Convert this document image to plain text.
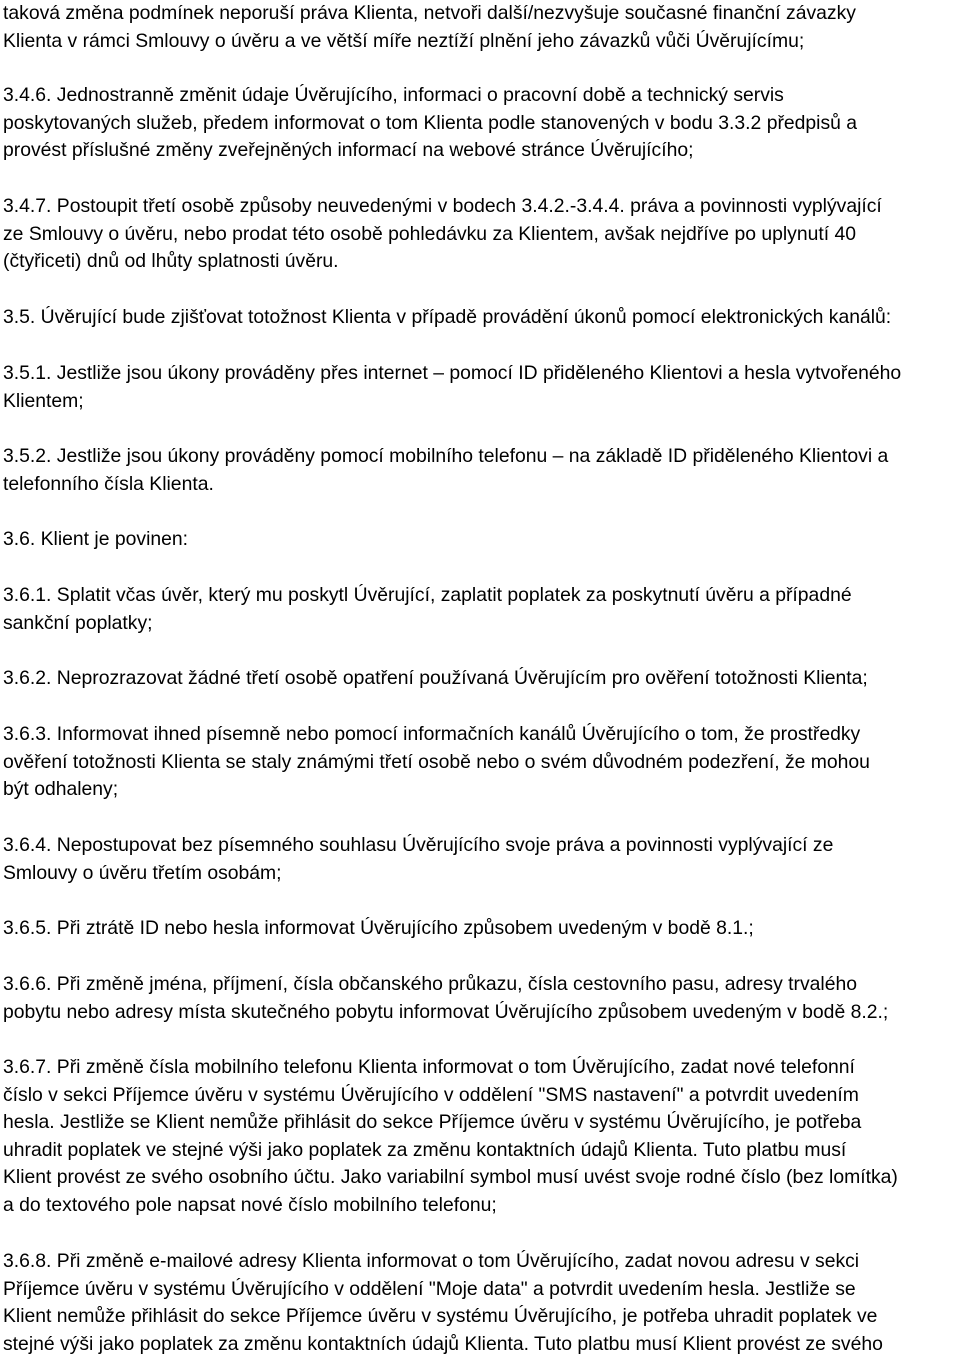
taková změna podmínek neporuší práva Klienta, netvoři další/nezvyšuje současné finanční závazky
Klienta v rámci Smlouvy o úvěru a ve větší míře neztíží plnění jeho závazků vůči Úvěrujícímu;

3.4.6. Jednostranně změnit údaje Úvěrujícího, informaci o pracovní době a technický servis
poskytovaných služeb, předem informovat o tom Klienta podle stanovených v bodu 3.3.2 předpisů a
provést příslušné změny zveřejněných informací na webové stránce Úvěrujícího;

3.4.7. Postoupit třetí osobě způsoby neuvedenými v bodech 3.4.2.-3.4.4. práva a povinnosti vyplývající
ze Smlouvy o úvěru, nebo prodat této osobě pohledávku za Klientem, avšak nejdříve po uplynutí 40
(čtyřiceti) dnů od lhůty splatnosti úvěru.

3.5. Úvěrující bude zjišťovat totožnost Klienta v případě provádění úkonů pomocí elektronických kanálů:

3.5.1. Jestliže jsou úkony prováděny přes internet – pomocí ID přiděleného Klientovi a hesla vytvořeného
Klientem;

3.5.2. Jestliže jsou úkony prováděny pomocí mobilního telefonu – na základě ID přiděleného Klientovi a
telefonního čísla Klienta.

3.6. Klient je povinen:

3.6.1. Splatit včas úvěr, který mu poskytl Úvěrující, zaplatit poplatek za poskytnutí úvěru a případné
sankční poplatky;

3.6.2. Neprozrazovat žádné třetí osobě opatření používaná Úvěrujícím pro ověření totožnosti Klienta;

3.6.3. Informovat ihned písemně nebo pomocí informačních kanálů Úvěrujícího o tom, že prostředky
ověření totožnosti Klienta se staly známými třetí osobě nebo o svém důvodném podezření, že mohou
být odhaleny;

3.6.4. Nepostupovat bez písemného souhlasu Úvěrujícího svoje práva a povinnosti vyplývající ze
Smlouvy o úvěru třetím osobám;

3.6.5. Při ztrátě ID nebo hesla informovat Úvěrujícího způsobem uvedeným v bodě 8.1.;

3.6.6. Při změně jména, příjmení, čísla občanského průkazu, čísla cestovního pasu, adresy trvalého
pobytu nebo adresy místa skutečného pobytu informovat Úvěrujícího způsobem uvedeným v bodě 8.2.;

3.6.7. Při změně čísla mobilního telefonu Klienta informovat o tom Úvěrujícího, zadat nové telefonní
číslo v sekci Příjemce úvěru v systému Úvěrujícího v oddělení "SMS nastavení" a potvrdit uvedením
hesla. Jestliže se Klient nemůže přihlásit do sekce Příjemce úvěru v systému Úvěrujícího, je potřeba
uhradit poplatek ve stejné výši jako poplatek za změnu kontaktních údajů Klienta. Tuto platbu musí
Klient provést ze svého osobního účtu. Jako variabilní symbol musí uvést svoje rodné číslo (bez lomítka)
a do textového pole napsat nové číslo mobilního telefonu;

3.6.8. Při změně e-mailové adresy Klienta informovat o tom Úvěrujícího, zadat novou adresu v sekci
Příjemce úvěru v systému Úvěrujícího v oddělení "Moje data" a potvrdit uvedením hesla. Jestliže se
Klient nemůže přihlásit do sekce Příjemce úvěru v systému Úvěrujícího, je potřeba uhradit poplatek ve
stejné výši jako poplatek za změnu kontaktních údajů Klienta. Tuto platbu musí Klient provést ze svého
